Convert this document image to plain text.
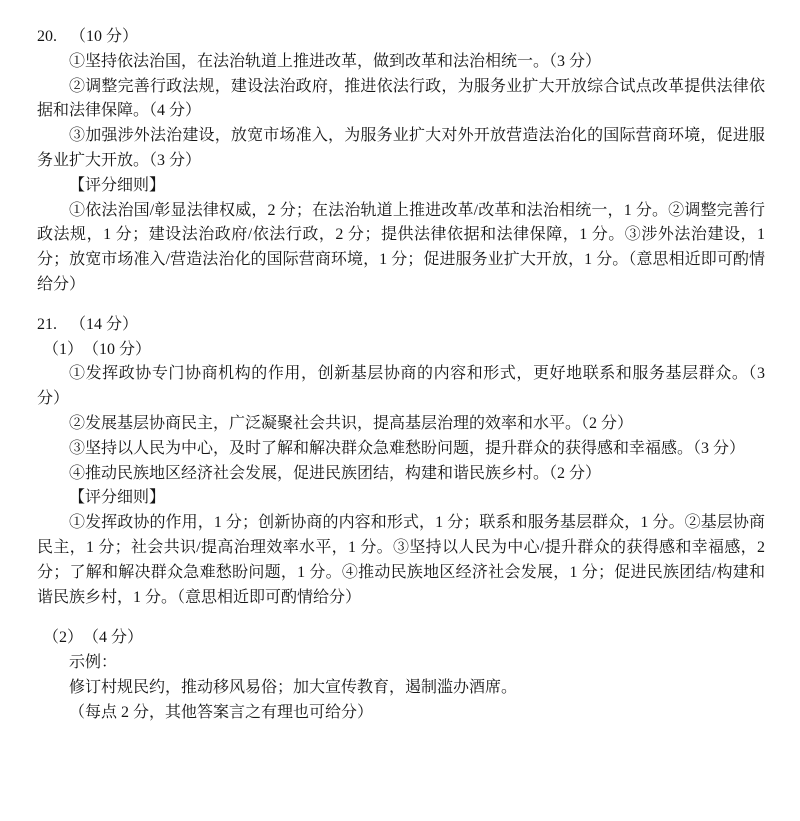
20. （10 分）

①坚持依法治国，在法治轨道上推进改革，做到改革和法治相统一。（3 分）

②调整完善行政法规，建设法治政府，推进依法行政，为服务业扩大开放综合试点改革提供法律依据和法律保障。（4 分）

③加强涉外法治建设，放宽市场准入，为服务业扩大对外开放营造法治化的国际营商环境，促进服务业扩大开放。（3 分）

【评分细则】

①依法治国/彰显法律权威，2 分；在法治轨道上推进改革/改革和法治相统一，1 分。②调整完善行政法规，1 分；建设法治政府/依法行政，2 分；提供法律依据和法律保障，1 分。③涉外法治建设，1 分；放宽市场准入/营造法治化的国际营商环境，1 分；促进服务业扩大开放，1 分。（意思相近即可酌情给分）

21. （14 分）

（1） （10 分）

①发挥政协专门协商机构的作用，创新基层协商的内容和形式，更好地联系和服务基层群众。（3 分）

②发展基层协商民主，广泛凝聚社会共识，提高基层治理的效率和水平。（2 分）

③坚持以人民为中心，及时了解和解决群众急难愁盼问题，提升群众的获得感和幸福感。（3 分）

④推动民族地区经济社会发展，促进民族团结，构建和谐民族乡村。（2 分）

【评分细则】

①发挥政协的作用，1 分；创新协商的内容和形式，1 分；联系和服务基层群众，1 分。②基层协商民主，1 分；社会共识/提高治理效率水平，1 分。③坚持以人民为中心/提升群众的获得感和幸福感，2 分；了解和解决群众急难愁盼问题，1 分。④推动民族地区经济社会发展，1 分；促进民族团结/构建和谐民族乡村，1 分。（意思相近即可酌情给分）

（2） （4 分）

示例：

修订村规民约，推动移风易俗；加大宣传教育，遏制滥办酒席。

（每点 2 分，其他答案言之有理也可给分）
